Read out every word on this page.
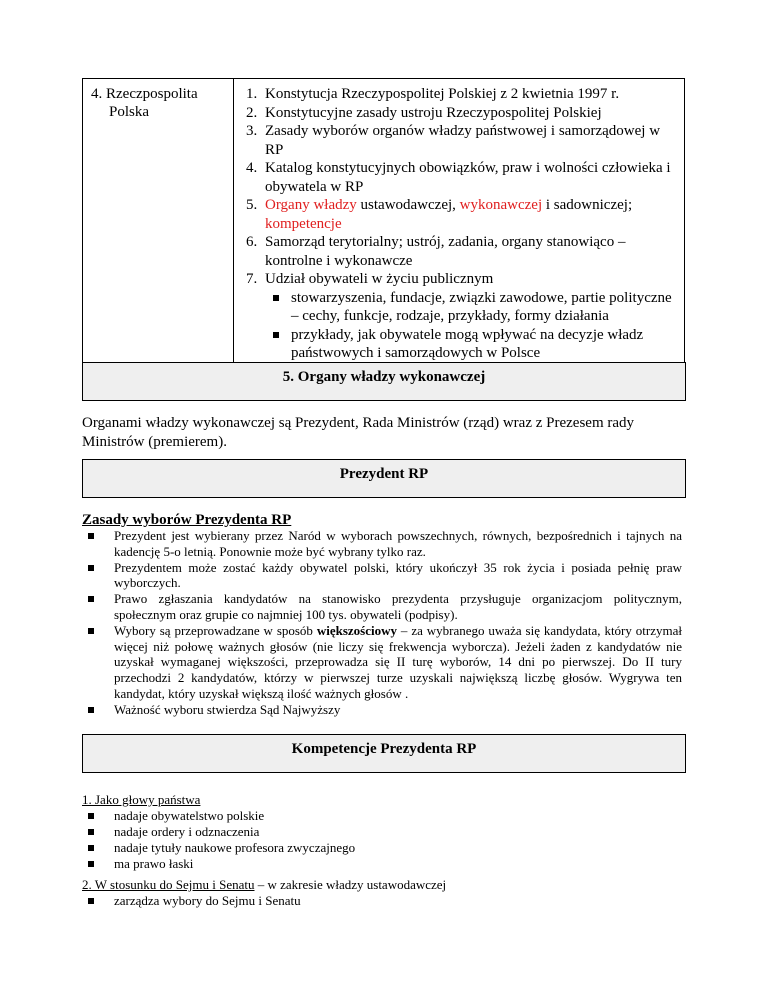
4. Rzeczpospolita
Polska

1. Konstytucja Rzeczypospolitej Polskiej z 2 kwietnia 1997 r.
2. Konstytucyjne zasady ustroju Rzeczypospolitej Polskiej
3. Zasady wyborów organów władzy państwowej i samorządowej w RP
4. Katalog konstytucyjnych obowiązków, praw i wolności człowieka i obywatela w RP
5. Organy władzy ustawodawczej, wykonawczej i sadowniczej; kompetencje
6. Samorząd terytorialny; ustrój, zadania, organy stanowiąco – kontrolne i wykonawcze
7. Udział obywateli w życiu publicznym
stowarzyszenia, fundacje, związki zawodowe, partie polityczne – cechy, funkcje, rodzaje, przykłady, formy działania
przykłady, jak obywatele mogą wpływać na decyzje władz państwowych i samorządowych w Polsce
5. Organy władzy wykonawczej
Organami władzy wykonawczej są Prezydent, Rada Ministrów (rząd) wraz z Prezesem rady Ministrów (premierem).
Prezydent RP
Zasady wyborów Prezydenta RP
Prezydent jest wybierany przez Naród w wyborach powszechnych, równych, bezpośrednich i tajnych na kadencję 5-o letnią. Ponownie może być wybrany tylko raz.
Prezydentem może zostać każdy obywatel polski, który ukończył 35 rok życia i posiada pełnię praw wyborczych.
Prawo zgłaszania kandydatów na stanowisko prezydenta przysługuje organizacjom politycznym, społecznym oraz grupie co najmniej 100 tys. obywateli (podpisy).
Wybory są przeprowadzane w sposób większościowy – za wybranego uważa się kandydata, który otrzymał więcej niż połowę ważnych głosów (nie liczy się frekwencja wyborcza). Jeżeli żaden z kandydatów nie uzyskał wymaganej większości, przeprowadza się II turę wyborów, 14 dni po pierwszej. Do II tury przechodzi 2 kandydatów, którzy w pierwszej turze uzyskali największą liczbę głosów. Wygrywa ten kandydat, który uzyskał większą ilość ważnych głosów .
Ważność wyboru stwierdza Sąd Najwyższy
Kompetencje Prezydenta RP
1. Jako głowy państwa
nadaje obywatelstwo polskie
nadaje ordery i odznaczenia
nadaje tytuły naukowe profesora zwyczajnego
ma prawo łaski
2. W stosunku do Sejmu i Senatu – w zakresie władzy ustawodawczej
zarządza wybory do Sejmu i Senatu
